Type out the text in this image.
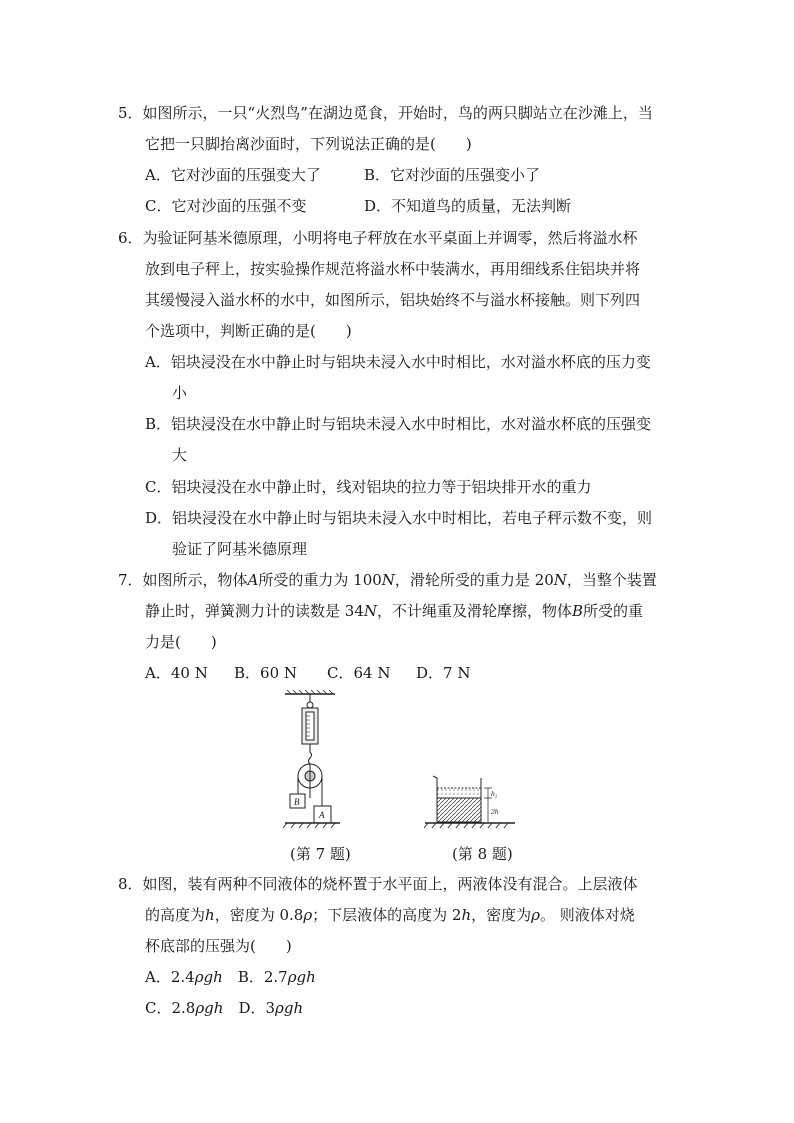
5．如图所示，一只“火烈鸟”在湖边觅食，开始时，鸟的两只脚站立在沙滩上，当
它把一只脚抬离沙面时，下列说法正确的是(　　)
A．它对沙面的压强变大了	B．它对沙面的压强变小了
C．它对沙面的压强不变	D．不知道鸟的质量，无法判断
6．为验证阿基米德原理，小明将电子秤放在水平桌面上并调零，然后将溢水杯
放到电子秤上，按实验操作规范将溢水杯中装满水，再用细线系住铝块并将
其缓慢浸入溢水杯的水中，如图所示，铝块始终不与溢水杯接触。则下列四
个选项中，判断正确的是(　　)
A．铝块浸没在水中静止时与铝块未浸入水中时相比，水对溢水杯底的压力变
小
B．铝块浸没在水中静止时与铝块未浸入水中时相比，水对溢水杯底的压强变
大
C．铝块浸没在水中静止时，线对铝块的拉力等于铝块排开水的重力
D．铝块浸没在水中静止时与铝块未浸入水中时相比，若电子秤示数不变，则
验证了阿基米德原理
7．如图所示，物体A所受的重力为 100N，滑轮所受的重力是 20N，当整个装置
静止时，弹簧测力计的读数是 34N，不计绳重及滑轮摩擦，物体B所受的重
力是(　　)
A．40 N B．60 N C．64 N D．7 N
B
A
(第 7 题)
h₂
2h
(第 8 题)
8．如图，装有两种不同液体的烧杯置于水平面上，两液体没有混合。上层液体
的高度为h，密度为 0.8ρ；下层液体的高度为 2h，密度为ρ。 则液体对烧
杯底部的压强为(　　)
A．2.4ρgh　 B．2.7ρgh
C．2.8ρgh　 D．3ρgh
